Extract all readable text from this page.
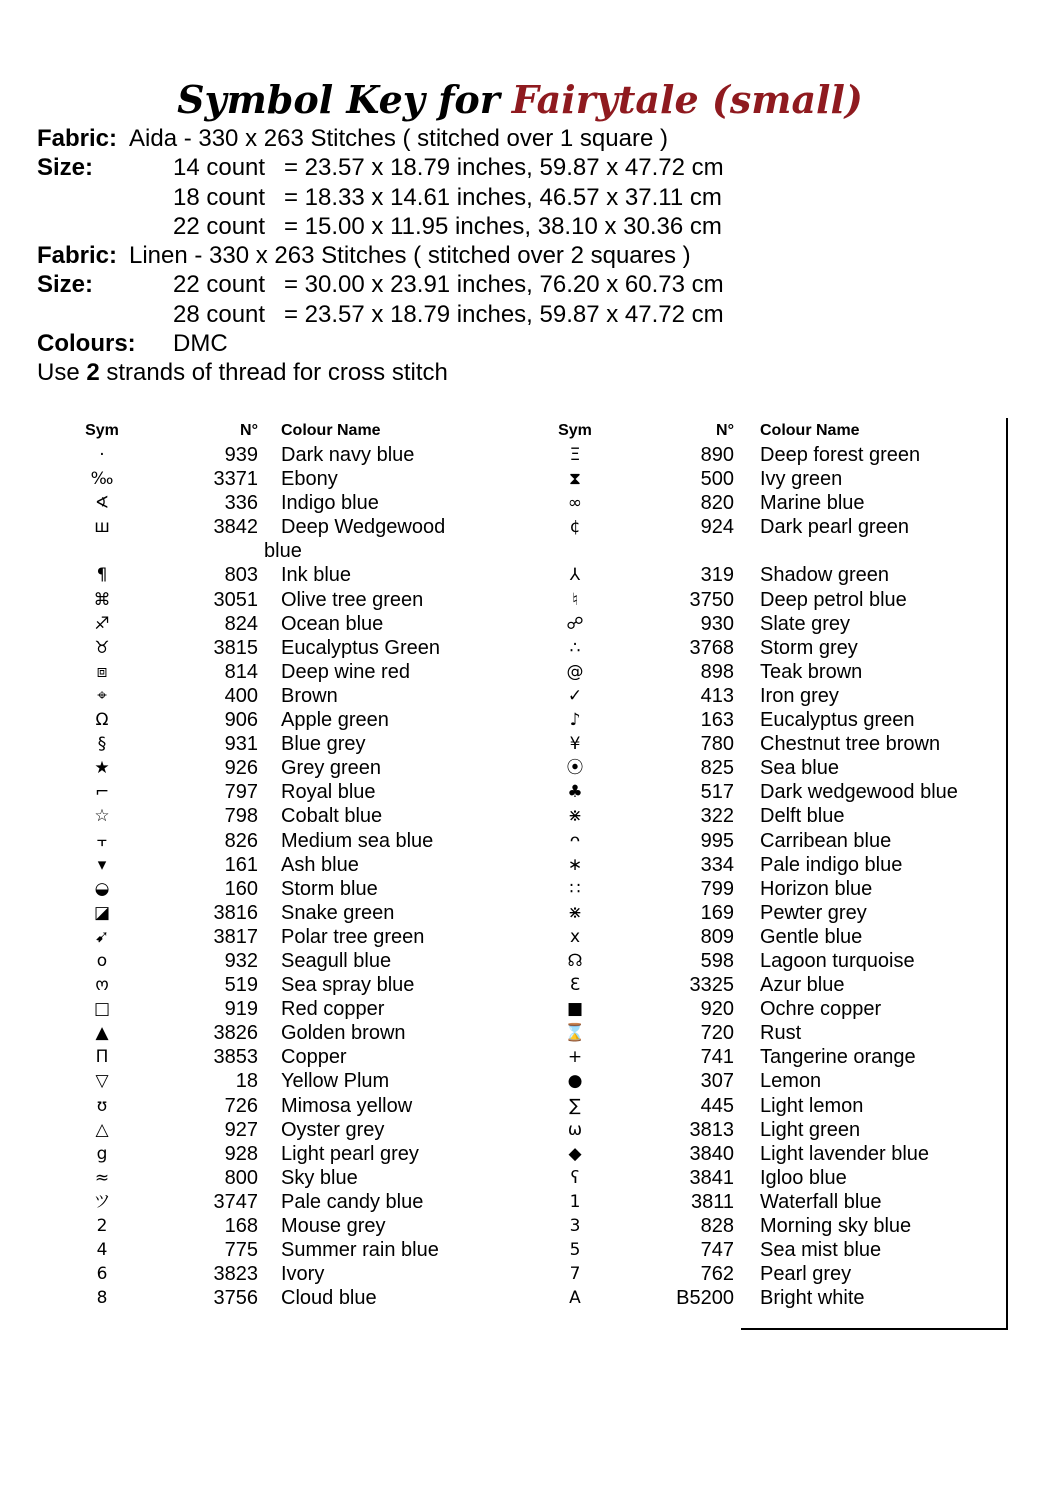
Symbol Key for Fairytale (small)
Fabric: Aida - 330 x 263 Stitches ( stitched over 1 square )
Size:	14 count = 23.57 x 18.79 inches, 59.87 x 47.72 cm
18 count = 18.33 x 14.61 inches, 46.57 x 37.11 cm
22 count = 15.00 x 11.95 inches, 38.10 x 30.36 cm
Fabric: Linen - 330 x 263 Stitches ( stitched over 2 squares )
Size:	22 count = 30.00 x 23.91 inches, 76.20 x 60.73 cm
28 count = 23.57 x 18.79 inches, 59.87 x 47.72 cm
Colours: DMC
Use 2 strands of thread for cross stitch
Sym	N° Colour Name
·	939 Dark navy blue
‰	3371 Ebony
∢	336 Indigo blue
ш	3842 Deep Wedgewood
blue
¶	803 Ink blue
⌘	3051 Olive tree green
♐	824 Ocean blue
♉	3815 Eucalyptus Green
⧈	814 Deep wine red
⌖	400 Brown
Ω	906 Apple green
§	931 Blue grey
★	926 Grey green
⌐	797 Royal blue
☆	798 Cobalt blue
⫟	826 Medium sea blue
▾	161 Ash blue
◒	160 Storm blue
◪	3816 Snake green
➹	3817 Polar tree green
o	932 Seagull blue
ო	519 Sea spray blue
□	919 Red copper
▲	3826 Golden brown
П	3853 Copper
▽	18 Yellow Plum
ʊ	726 Mimosa yellow
△	927 Oyster grey
g	928 Light pearl grey
≈	800 Sky blue
ツ	3747 Pale candy blue
2	168 Mouse grey
4	775 Summer rain blue
6	3823 Ivory
8	3756 Cloud blue
Sym	N° Colour Name
Ξ	890 Deep forest green
⧗	500 Ivy green
∞	820 Marine blue
¢	924 Dark pearl green
⅄	319 Shadow green
♮	3750 Deep petrol blue
☍	930 Slate grey
∴	3768 Storm grey
@	898 Teak brown
✓	413 Iron grey
♪	163 Eucalyptus green
¥	780 Chestnut tree brown
⦿	825 Sea blue
♣	517 Dark wedgewood blue
⋇	322 Delft blue
ᴖ	995 Carribean blue
∗	334 Pale indigo blue
∷	799 Horizon blue
⋇	169 Pewter grey
x	809 Gentle blue
☊	598 Lagoon turquoise
Ɛ	3325 Azur blue
■	920 Ochre copper
⌛	720 Rust
+	741 Tangerine orange
●	307 Lemon
∑	445 Light lemon
ω	3813 Light green
◆	3840 Light lavender blue
ʕ	3841 Igloo blue
1	3811 Waterfall blue
3	828 Morning sky blue
5	747 Sea mist blue
7	762 Pearl grey
A	B5200 Bright white
